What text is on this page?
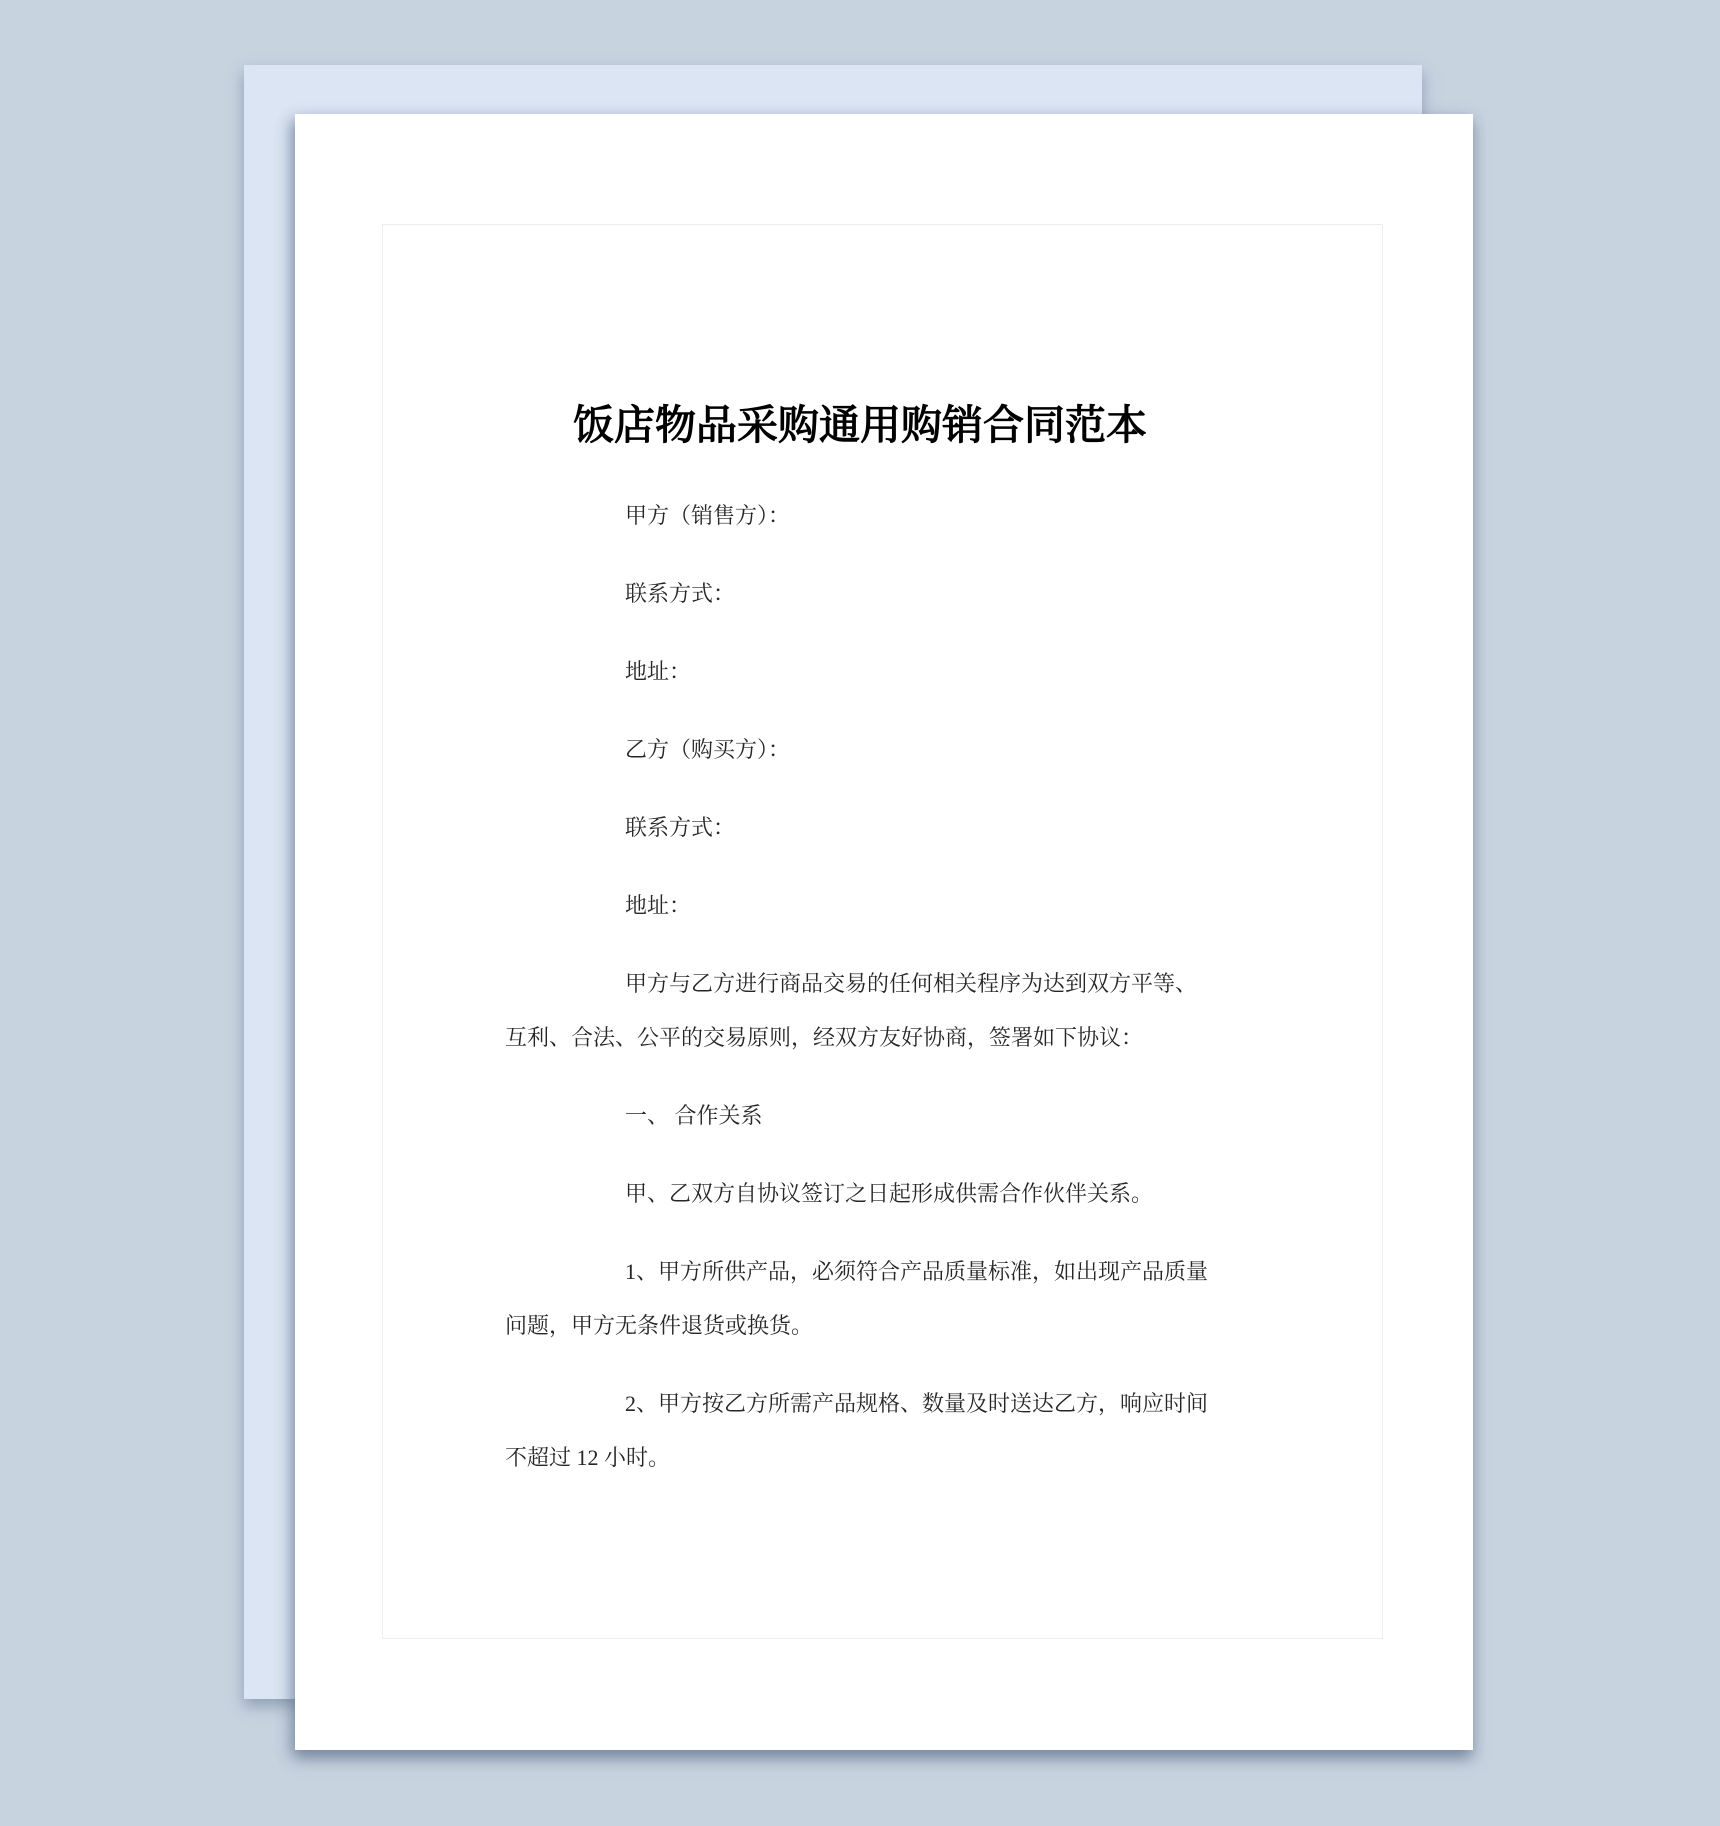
饭店物品采购通用购销合同范本

甲方（销售方）：

联系方式：

地址：

乙方（购买方）：

联系方式：

地址：

甲方与乙方进行商品交易的任何相关程序为达到双方平等、互利、合法、公平的交易原则，经双方友好协商，签署如下协议：

一、 合作关系

甲、乙双方自协议签订之日起形成供需合作伙伴关系。

1、甲方所供产品，必须符合产品质量标准，如出现产品质量问题，甲方无条件退货或换货。

2、甲方按乙方所需产品规格、数量及时送达乙方，响应时间不超过 12 小时。
